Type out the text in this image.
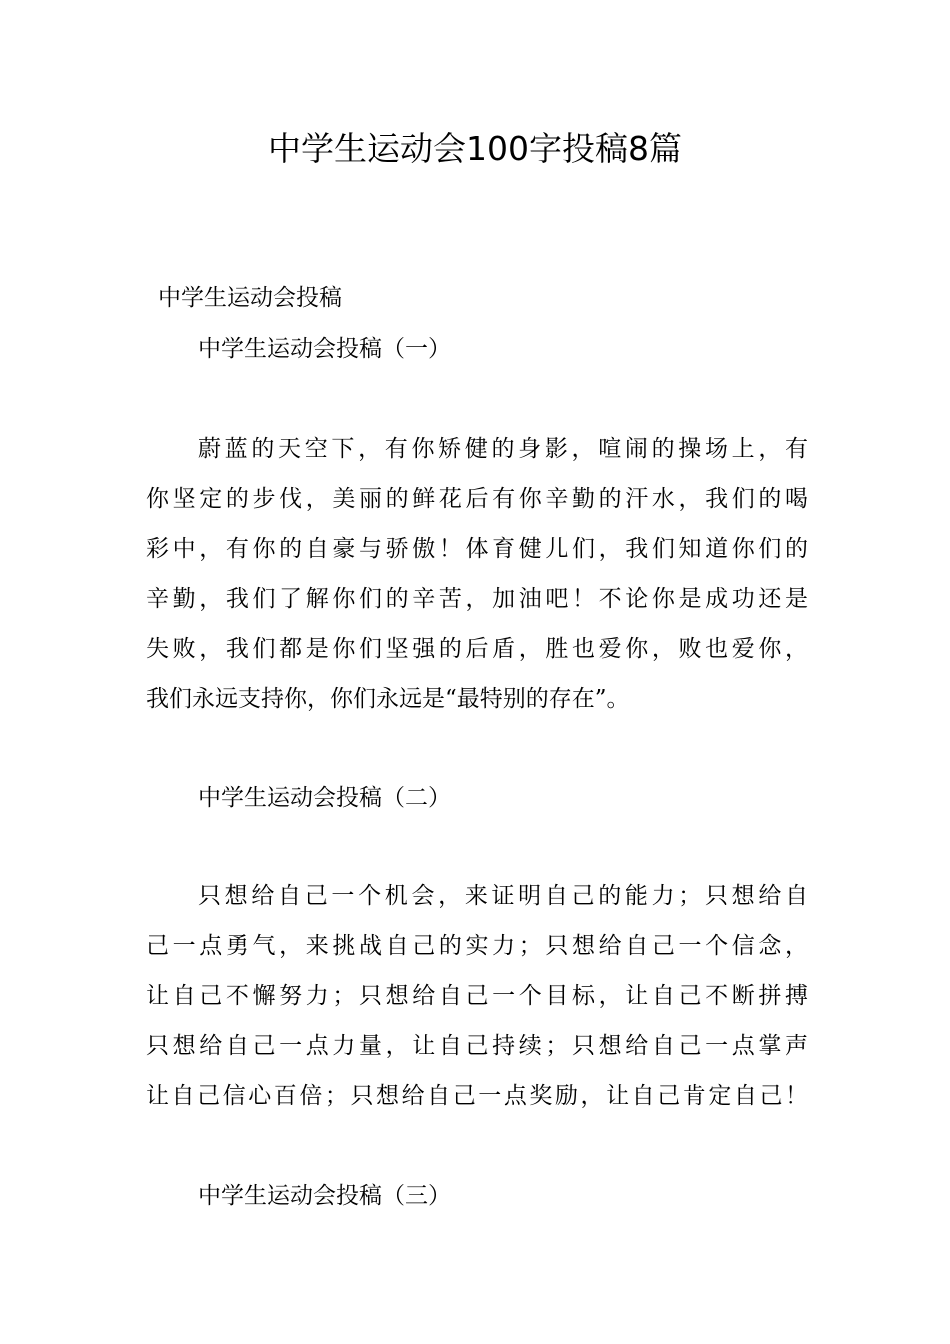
中学生运动会100字投稿8篇
中学生运动会投稿
中学生运动会投稿（一）
蔚蓝的天空下，有你矫健的身影，喧闹的操场上，有
你坚定的步伐，美丽的鲜花后有你辛勤的汗水，我们的喝
彩中，有你的自豪与骄傲！体育健儿们，我们知道你们的
辛勤，我们了解你们的辛苦，加油吧！不论你是成功还是
失败，我们都是你们坚强的后盾，胜也爱你，败也爱你，
我们永远支持你，你们永远是“最特别的存在”。
中学生运动会投稿（二）
只想给自己一个机会，来证明自己的能力；只想给自
己一点勇气，来挑战自己的实力；只想给自己一个信念，
让自己不懈努力；只想给自己一个目标，让自己不断拼搏
只想给自己一点力量，让自己持续；只想给自己一点掌声
让自己信心百倍；只想给自己一点奖励，让自己肯定自己！
中学生运动会投稿（三）
